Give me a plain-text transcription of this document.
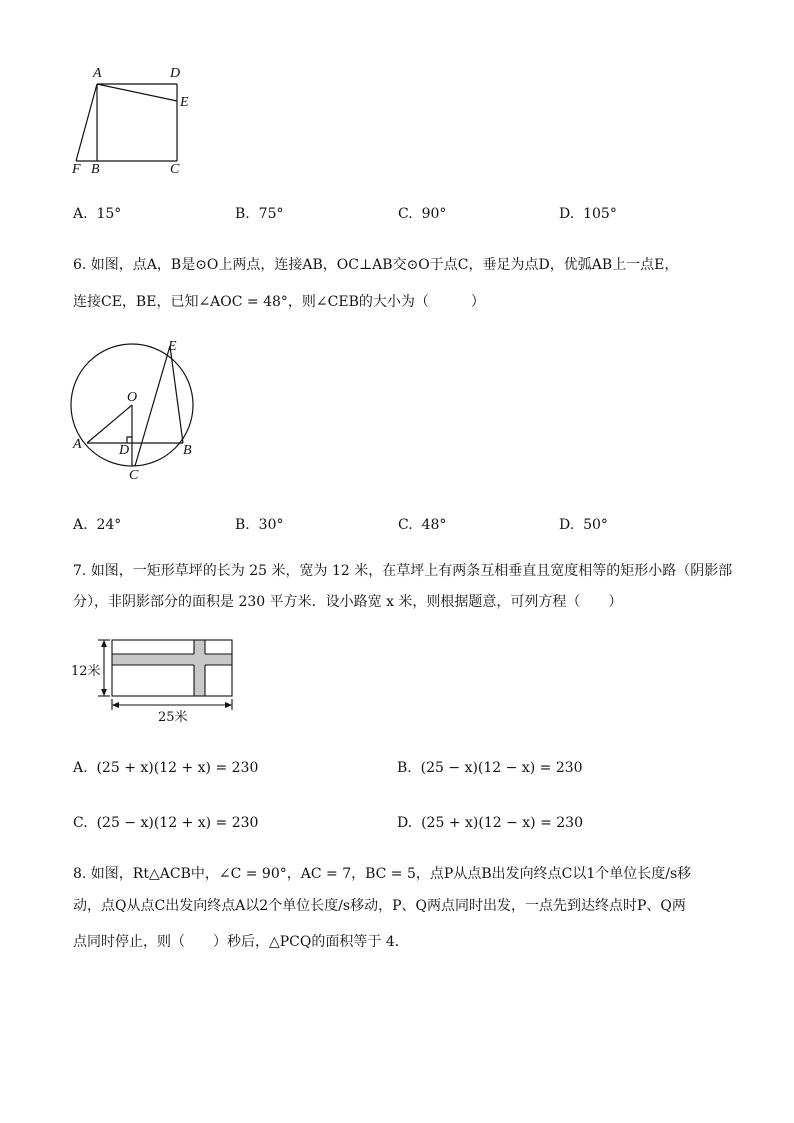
A	D
E
F B	C
A. 15°	B. 75°	C. 90°	D. 105°
6. 如图，点A，B是⊙O上两点，连接AB，OC⊥AB交⊙O于点C，垂足为点D，优弧AB上一点E，
连接CE，BE，已知∠AOC = 48°，则∠CEB的大小为（　　　）
E
O
A	D	B
C
A. 24°	B. 30°	C. 48°	D. 50°
7. 如图，一矩形草坪的长为 25 米，宽为 12 米，在草坪上有两条互相垂直且宽度相等的矩形小路（阴影部
分），非阴影部分的面积是 230 平方米．设小路宽 x 米，则根据题意，可列方程（　　）
12米
25米
A. (25 + x)(12 + x) = 230	B. (25 − x)(12 − x) = 230
C. (25 − x)(12 + x) = 230	D. (25 + x)(12 − x) = 230
8. 如图，Rt△ACB中，∠C = 90°，AC = 7，BC = 5，点P从点B出发向终点C以1个单位长度/s移
动，点Q从点C出发向终点A以2个单位长度/s移动，P、Q两点同时出发，一点先到达终点时P、Q两
点同时停止，则（　　）秒后，△PCQ的面积等于 4．
